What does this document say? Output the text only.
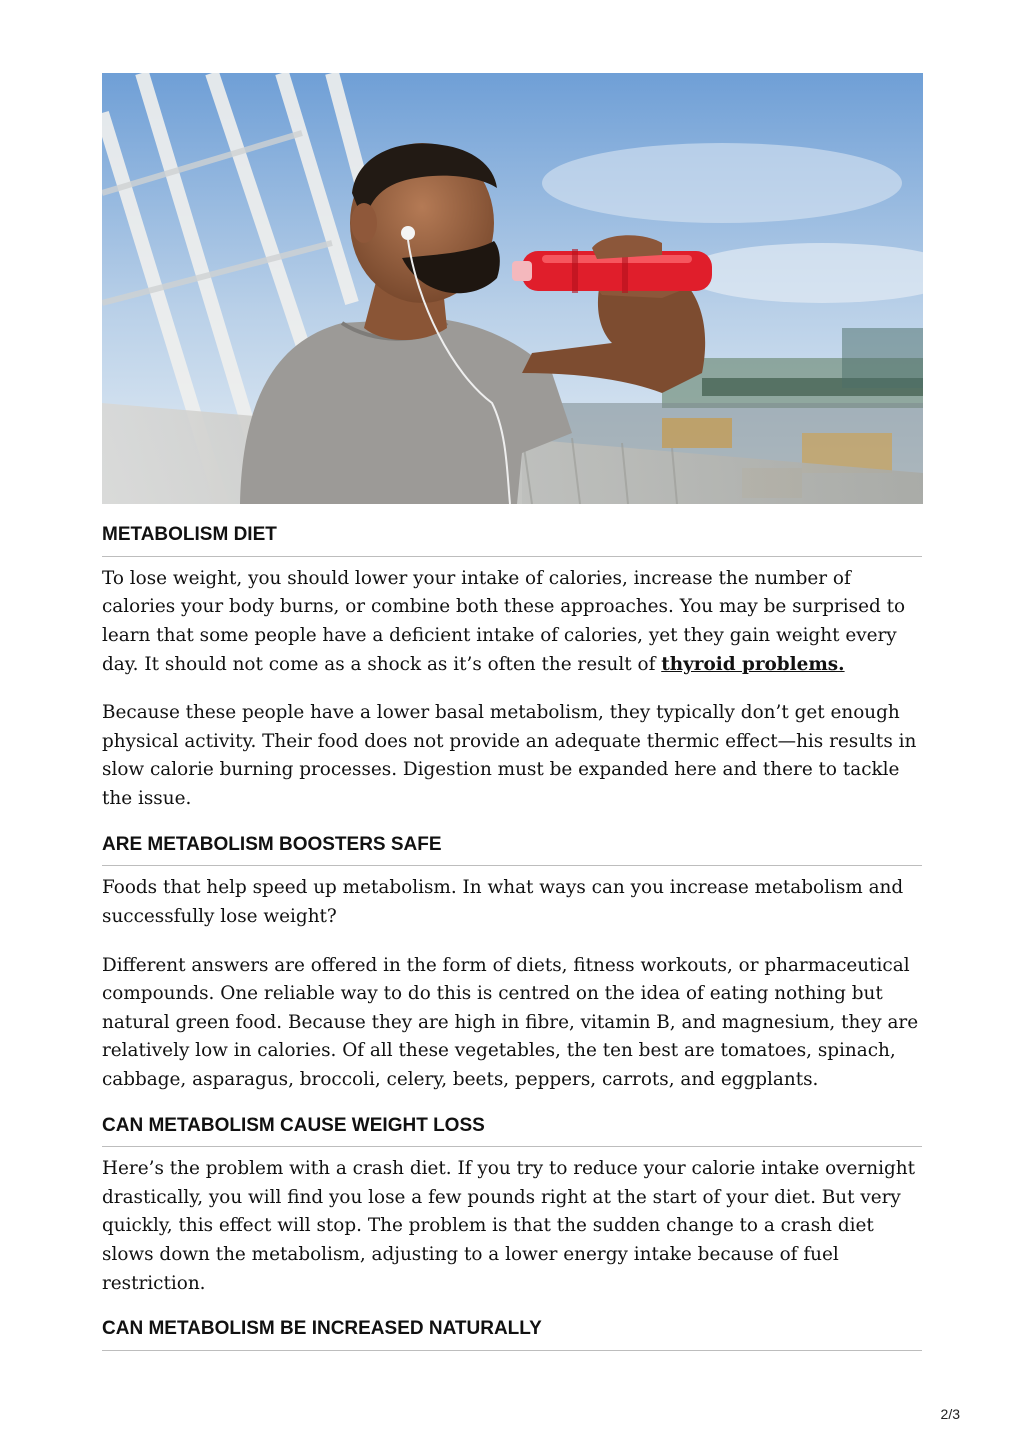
METABOLISM DIET

To lose weight, you should lower your intake of calories, increase the number of calories your body burns, or combine both these approaches. You may be surprised to learn that some people have a deficient intake of calories, yet they gain weight every day. It should not come as a shock as it’s often the result of thyroid problems.

Because these people have a lower basal metabolism, they typically don’t get enough physical activity. Their food does not provide an adequate thermic effect—his results in slow calorie burning processes. Digestion must be expanded here and there to tackle the issue.

ARE METABOLISM BOOSTERS SAFE

Foods that help speed up metabolism. In what ways can you increase metabolism and successfully lose weight?

Different answers are offered in the form of diets, fitness workouts, or pharmaceutical compounds. One reliable way to do this is centred on the idea of eating nothing but natural green food. Because they are high in fibre, vitamin B, and magnesium, they are relatively low in calories. Of all these vegetables, the ten best are tomatoes, spinach, cabbage, asparagus, broccoli, celery, beets, peppers, carrots, and eggplants.

CAN METABOLISM CAUSE WEIGHT LOSS

Here’s the problem with a crash diet. If you try to reduce your calorie intake overnight drastically, you will find you lose a few pounds right at the start of your diet. But very quickly, this effect will stop. The problem is that the sudden change to a crash diet slows down the metabolism, adjusting to a lower energy intake because of fuel restriction.

CAN METABOLISM BE INCREASED NATURALLY
2/3
